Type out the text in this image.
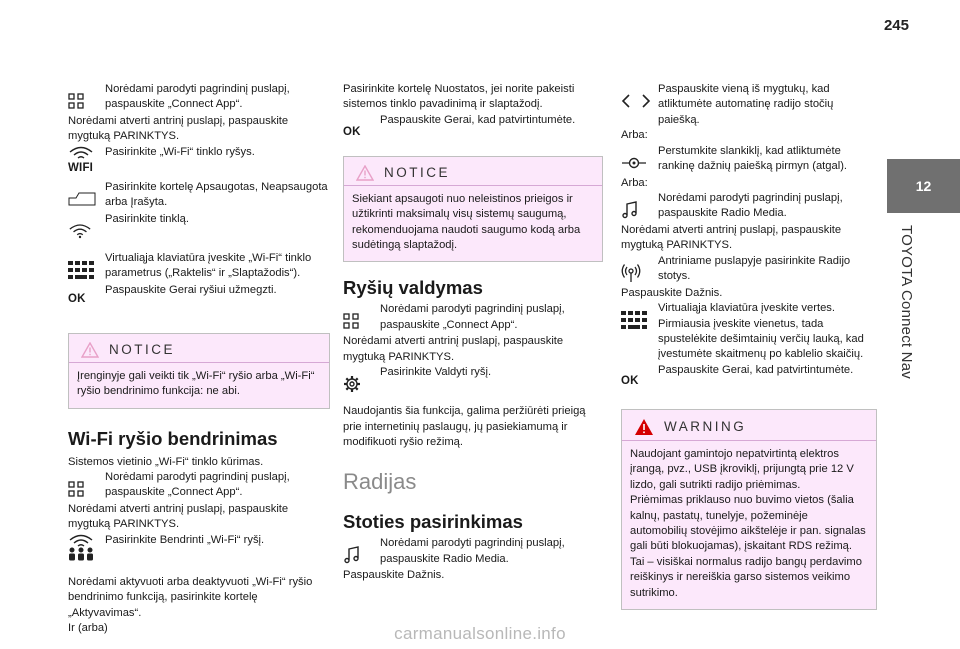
245
12
TOYOTA Connect Nav

Norėdami parodyti pagrindinį puslapį, paspauskite „Connect App“.

Norėdami atverti antrinį puslapį, paspauskite mygtuką PARINKTYS.

WIFI

Pasirinkite „Wi-Fi“ tinklo ryšys.

Pasirinkite kortelę Apsaugotas, Neapsaugota arba Įrašyta.

Pasirinkite tinklą.

Virtualiąja klaviatūra įveskite „Wi-Fi“ tinklo parametrus („Raktelis“ ir „Slaptažodis“).

OK

Paspauskite Gerai ryšiui užmegzti.

NOTICE
Įrenginyje gali veikti tik „Wi-Fi“ ryšio arba „Wi-Fi“ ryšio bendrinimo funkcija: ne abi.
Wi-Fi ryšio bendrinimas

Sistemos vietinio „Wi-Fi“ tinklo kūrimas.

Norėdami parodyti pagrindinį puslapį, paspauskite „Connect App“.

Norėdami atverti antrinį puslapį, paspauskite mygtuką PARINKTYS.

Pasirinkite Bendrinti „Wi-Fi“ ryšį.

Norėdami aktyvuoti arba deaktyvuoti „Wi-Fi“ ryšio bendrinimo funkciją, pasirinkite kortelę „Aktyvavimas“.

Ir (arba)

Pasirinkite kortelę Nuostatos, jei norite pakeisti sistemos tinklo pavadinimą ir slaptažodį.

OK

Paspauskite Gerai, kad patvirtintumėte.

NOTICE
Siekiant apsaugoti nuo neleistinos prieigos ir užtikrinti maksimalų visų sistemų saugumą, rekomenduojama naudoti saugumo kodą arba sudėtingą slaptažodį.
Ryšių valdymas

Norėdami parodyti pagrindinį puslapį, paspauskite „Connect App“.

Norėdami atverti antrinį puslapį, paspauskite mygtuką PARINKTYS.

Pasirinkite Valdyti ryšį.

Naudojantis šia funkcija, galima peržiūrėti prieigą prie internetinių paslaugų, jų pasiekiamumą ir modifikuoti ryšio režimą.

Radijas
Stoties pasirinkimas

Norėdami parodyti pagrindinį puslapį, paspauskite Radio Media.

Paspauskite Dažnis.

Paspauskite vieną iš mygtukų, kad atliktumėte automatinę radijo stočių paiešką.

Arba:

Perstumkite slankiklį, kad atliktumėte rankinę dažnių paiešką pirmyn (atgal).

Arba:

Norėdami parodyti pagrindinį puslapį, paspauskite Radio Media.

Norėdami atverti antrinį puslapį, paspauskite mygtuką PARINKTYS.

Antriniame puslapyje pasirinkite Radijo stotys.

Paspauskite Dažnis.

Virtualiąja klaviatūra įveskite vertes. Pirmiausia įveskite vienetus, tada spustelėkite dešimtainių verčių lauką, kad įvestumėte skaitmenų po kablelio skaičių.

OK

Paspauskite Gerai, kad patvirtintumėte.

WARNING

Naudojant gamintojo nepatvirtintą elektros įrangą, pvz., USB įkroviklį, prijungtą prie 12 V lizdo, gali sutrikti radijo priėmimas.

Priėmimas priklauso nuo buvimo vietos (šalia kalnų, pastatų, tunelyje, požeminėje automobilių stovėjimo aikštelėje ir pan. signalas gali būti blokuojamas), įskaitant RDS režimą. Tai – visiškai normalus radijo bangų perdavimo reiškinys ir nereiškia garso sistemos veikimo sutrikimo.

carmanualsonline.info
